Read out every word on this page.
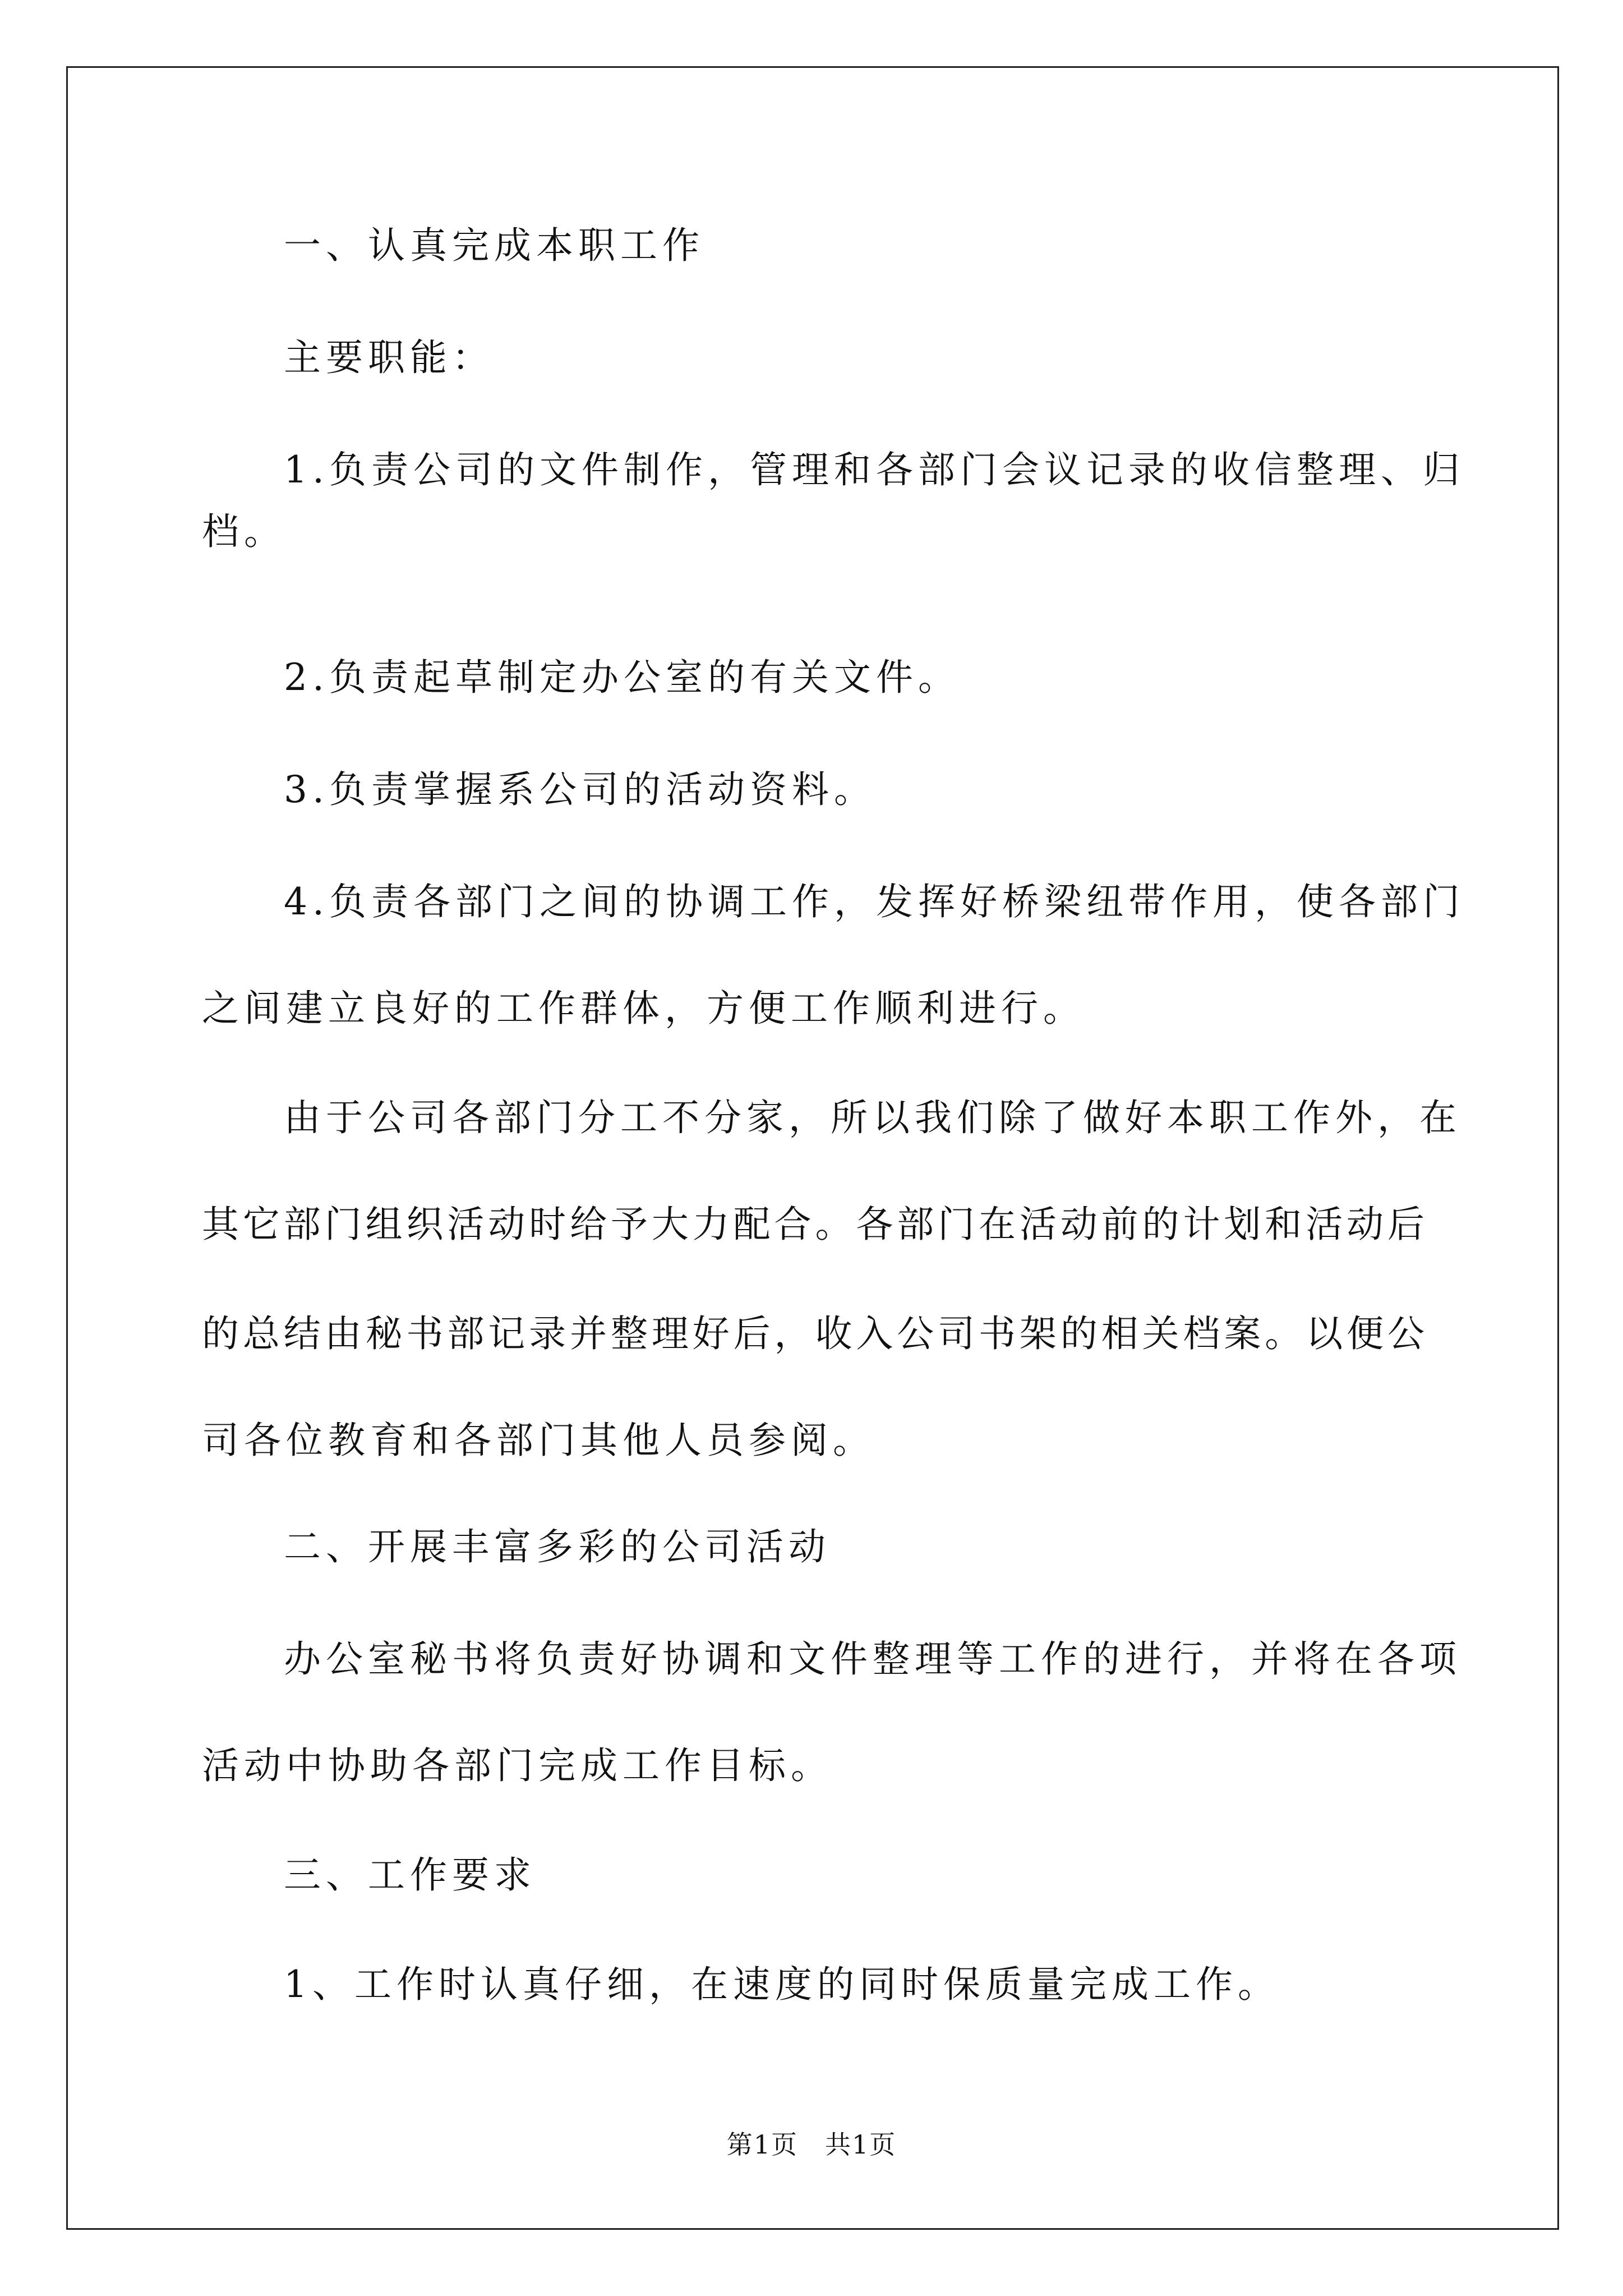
一、认真完成本职工作
主要职能：
1.负责公司的文件制作，管理和各部门会议记录的收信整理、归
档。
2.负责起草制定办公室的有关文件。
3.负责掌握系公司的活动资料。
4.负责各部门之间的协调工作，发挥好桥梁纽带作用，使各部门
之间建立良好的工作群体，方便工作顺利进行。
由于公司各部门分工不分家，所以我们除了做好本职工作外，在
其它部门组织活动时给予大力配合。各部门在活动前的计划和活动后
的总结由秘书部记录并整理好后，收入公司书架的相关档案。以便公
司各位教育和各部门其他人员参阅。
二、开展丰富多彩的公司活动
办公室秘书将负责好协调和文件整理等工作的进行，并将在各项
活动中协助各部门完成工作目标。
三、工作要求
1、工作时认真仔细，在速度的同时保质量完成工作。
第1页　共1页
